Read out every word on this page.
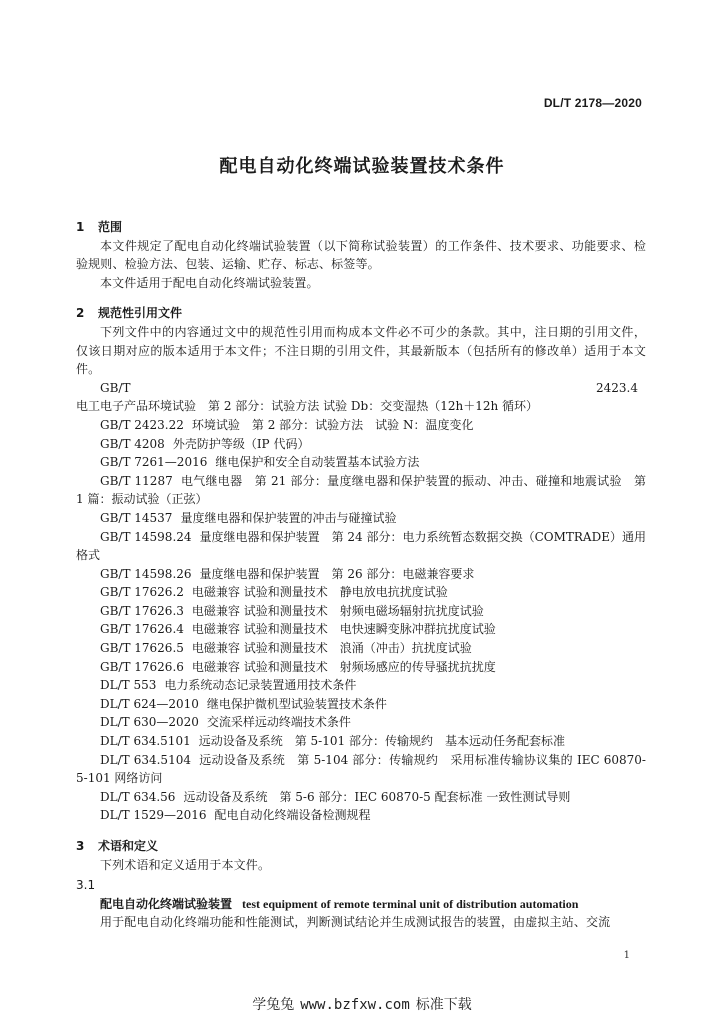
DL/T 2178—2020
配电自动化终端试验装置技术条件
1 范围

本文件规定了配电自动化终端试验装置（以下简称试验装置）的工作条件、技术要求、功能要求、检验规则、检验方法、包装、运输、贮存、标志、标签等。

本文件适用于配电自动化终端试验装置。

2 规范性引用文件

下列文件中的内容通过文中的规范性引用而构成本文件必不可少的条款。其中，注日期的引用文件，仅该日期对应的版本适用于本文件；不注日期的引用文件，其最新版本（包括所有的修改单）适用于本文件。

GB/T 2423.4电工电子产品环境试验　第 2 部分：试验方法 试验 Db：交变湿热（12h＋12h 循环）

GB/T 2423.22 环境试验　第 2 部分：试验方法　试验 N：温度变化

GB/T 4208 外壳防护等级（IP 代码）

GB/T 7261—2016 继电保护和安全自动装置基本试验方法

GB/T 11287 电气继电器　第 21 部分：量度继电器和保护装置的振动、冲击、碰撞和地震试验　第 1 篇：振动试验（正弦）

GB/T 14537 量度继电器和保护装置的冲击与碰撞试验

GB/T 14598.24 量度继电器和保护装置　第 24 部分：电力系统暂态数据交换（COMTRADE）通用格式

GB/T 14598.26 量度继电器和保护装置　第 26 部分：电磁兼容要求

GB/T 17626.2 电磁兼容 试验和测量技术　静电放电抗扰度试验

GB/T 17626.3 电磁兼容 试验和测量技术　射频电磁场辐射抗扰度试验

GB/T 17626.4 电磁兼容 试验和测量技术　电快速瞬变脉冲群抗扰度试验

GB/T 17626.5 电磁兼容 试验和测量技术　浪涌（冲击）抗扰度试验

GB/T 17626.6 电磁兼容 试验和测量技术　射频场感应的传导骚扰抗扰度

DL/T 553 电力系统动态记录装置通用技术条件

DL/T 624—2010 继电保护微机型试验装置技术条件

DL/T 630—2020 交流采样远动终端技术条件

DL/T 634.5101 远动设备及系统　第 5-101 部分：传输规约　基本远动任务配套标准

DL/T 634.5104 远动设备及系统　第 5-104 部分：传输规约　采用标准传输协议集的 IEC 60870-5-101 网络访问

DL/T 634.56 远动设备及系统　第 5-6 部分：IEC 60870-5 配套标准 一致性测试导则

DL/T 1529—2016 配电自动化终端设备检测规程

3 术语和定义

下列术语和定义适用于本文件。

3.1

配电自动化终端试验装置 test equipment of remote terminal unit of distribution automation

用于配电自动化终端功能和性能测试，判断测试结论并生成测试报告的装置，由虚拟主站、交流

1
学兔兔 www.bzfxw.com 标准下载
